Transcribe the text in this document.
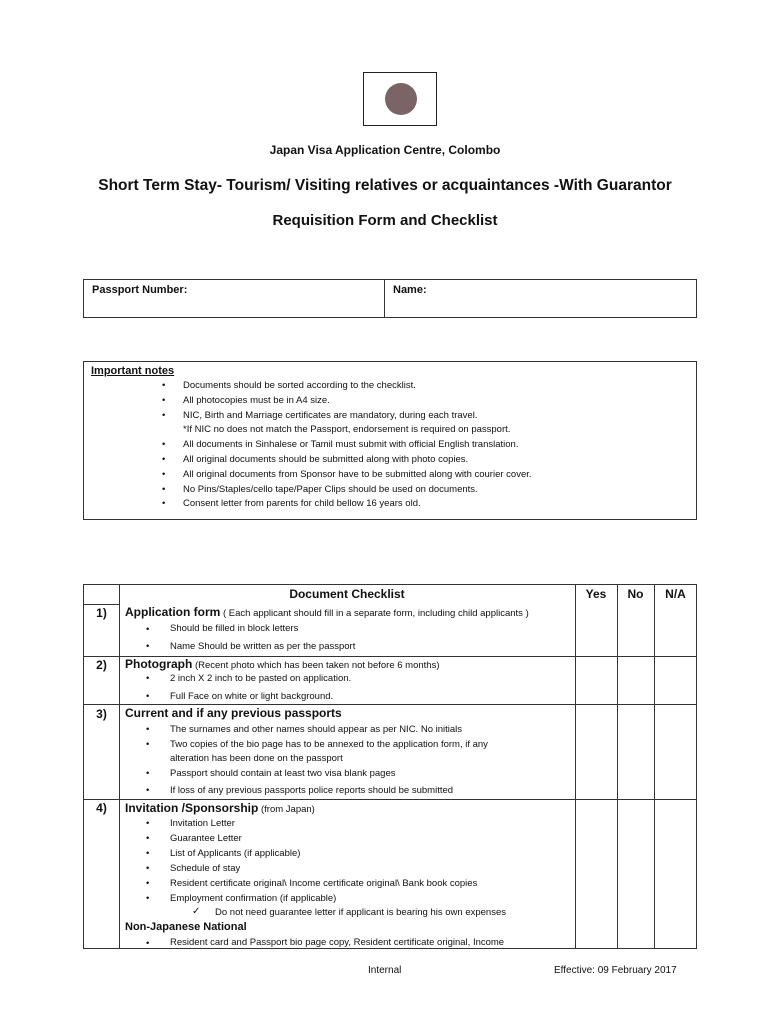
Japan Visa Application Centre, Colombo
Short Term Stay- Tourism/ Visiting relatives or acquaintances -With Guarantor
Requisition Form and Checklist
Passport Number:	Name:
Important notes
• Documents should be sorted according to the checklist.
• All photocopies must be in A4 size.
• NIC, Birth and Marriage certificates are mandatory, during each travel.
*If NIC no does not match the Passport, endorsement is required on passport.
• All documents in Sinhalese or Tamil must submit with official English translation.
• All original documents should be submitted along with photo copies.
• All original documents from Sponsor have to be submitted along with courier cover.
• No Pins/Staples/cello tape/Paper Clips should be used on documents.
• Consent letter from parents for child bellow 16 years old.
Document Checklist	Yes	No	N/A
1)	Application form ( Each applicant should fill in a separate form, including child applicants )
• Should be filled in block letters
• Name Should be written as per the passport
2)	Photograph (Recent photo which has been taken not before 6 months)
• 2 inch X 2 inch to be pasted on application.
• Full Face on white or light background.
3)	Current and if any previous passports
• The surnames and other names should appear as per NIC. No initials
• Two copies of the bio page has to be annexed to the application form, if any
alteration has been done on the passport
• Passport should contain at least two visa blank pages
• If loss of any previous passports police reports should be submitted
4)	Invitation /Sponsorship (from Japan)
• Invitation Letter
• Guarantee Letter
• List of Applicants (if applicable)
• Schedule of stay
• Resident certificate original\ Income certificate original\ Bank book copies
• Employment confirmation (if applicable)
✓ Do not need guarantee letter if applicant is bearing his own expenses
Non-Japanese National
• Resident card and Passport bio page copy, Resident certificate original, Income
Internal	Effective: 09 February 2017
